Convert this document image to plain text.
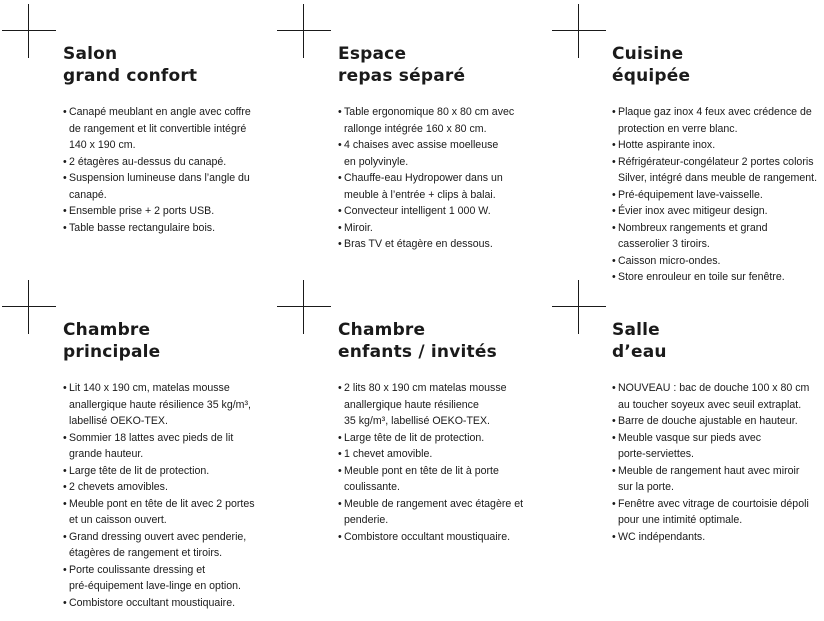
Salon
grand confort
• Canapé meublant en angle avec coffre
de rangement et lit convertible intégré
140 x 190 cm.
• 2 étagères au-dessus du canapé.
• Suspension lumineuse dans l’angle du
canapé.
• Ensemble prise + 2 ports USB.
• Table basse rectangulaire bois.
Espace
repas séparé
• Table ergonomique 80 x 80 cm avec
rallonge intégrée 160 x 80 cm.
• 4 chaises avec assise moelleuse
en polyvinyle.
• Chauffe-eau Hydropower dans un
meuble à l’entrée + clips à balai.
• Convecteur intelligent 1 000 W.
• Miroir.
• Bras TV et étagère en dessous.
Cuisine
équipée
• Plaque gaz inox 4 feux avec crédence de
protection en verre blanc.
• Hotte aspirante inox.
• Réfrigérateur-congélateur 2 portes coloris
Silver, intégré dans meuble de rangement.
• Pré-équipement lave-vaisselle.
• Évier inox avec mitigeur design.
• Nombreux rangements et grand
casserolier 3 tiroirs.
• Caisson micro-ondes.
• Store enrouleur en toile sur fenêtre.
Chambre
principale
• Lit 140 x 190 cm, matelas mousse
anallergique haute résilience 35 kg/m³,
labellisé OEKO-TEX.
• Sommier 18 lattes avec pieds de lit
grande hauteur.
• Large tête de lit de protection.
• 2 chevets amovibles.
• Meuble pont en tête de lit avec 2 portes
et un caisson ouvert.
• Grand dressing ouvert avec penderie,
étagères de rangement et tiroirs.
• Porte coulissante dressing et
pré-équipement lave-linge en option.
• Combistore occultant moustiquaire.
Chambre
enfants / invités
• 2 lits 80 x 190 cm matelas mousse
anallergique haute résilience
35 kg/m³, labellisé OEKO-TEX.
• Large tête de lit de protection.
• 1 chevet amovible.
• Meuble pont en tête de lit à porte
coulissante.
• Meuble de rangement avec étagère et
penderie.
• Combistore occultant moustiquaire.
Salle
d’eau
• NOUVEAU : bac de douche 100 x 80 cm
au toucher soyeux avec seuil extraplat.
• Barre de douche ajustable en hauteur.
• Meuble vasque sur pieds avec
porte-serviettes.
• Meuble de rangement haut avec miroir
sur la porte.
• Fenêtre avec vitrage de courtoisie dépoli
pour une intimité optimale.
• WC indépendants.
